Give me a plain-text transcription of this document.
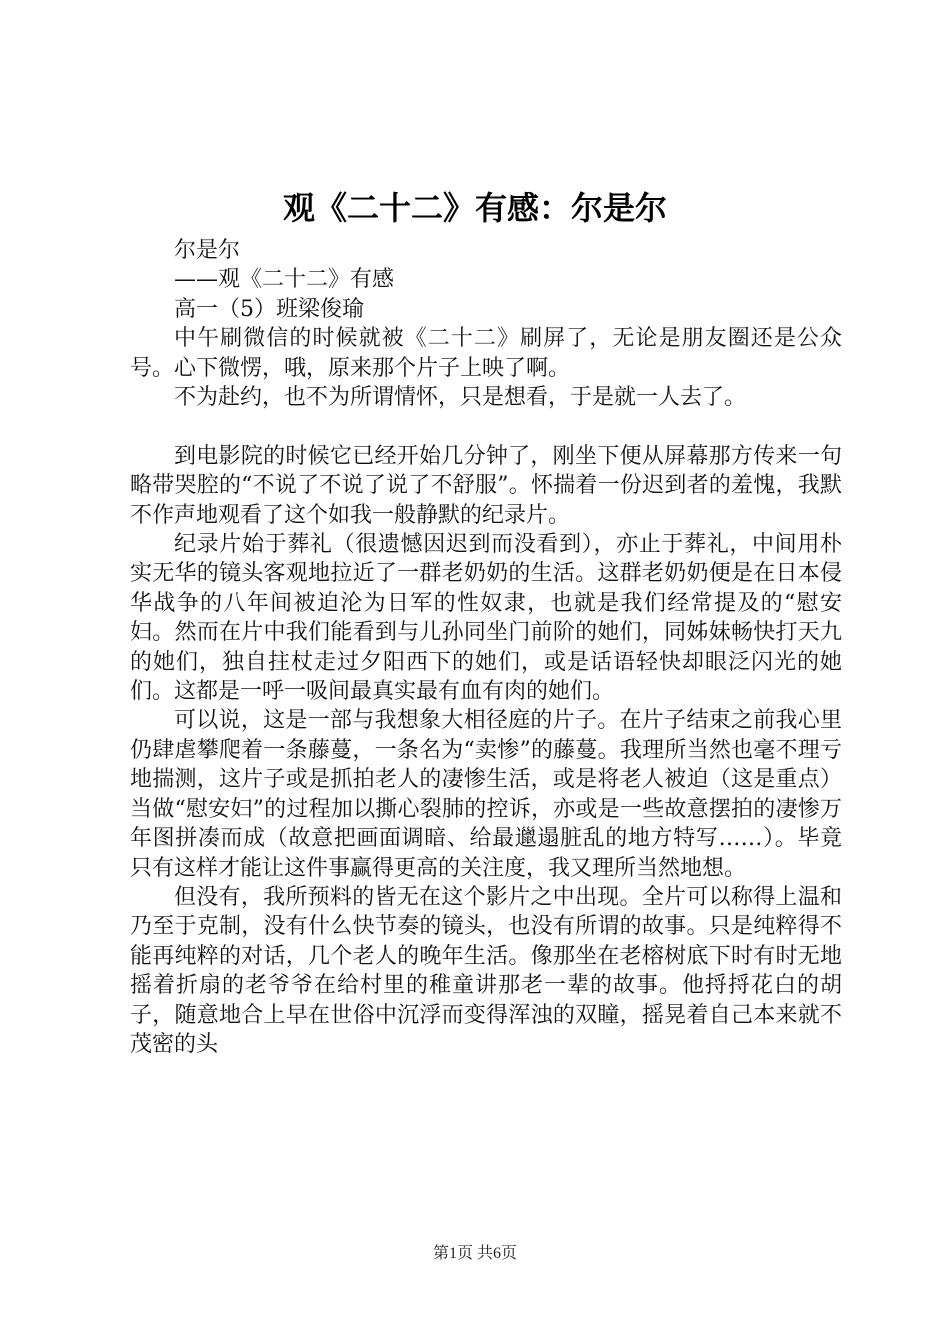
观《二十二》有感：尔是尔

尔是尔

——观《二十二》有感

高一（5）班梁俊瑜

中午刷微信的时候就被《二十二》刷屏了，无论是朋友圈还是公众号。心下微愣，哦，原来那个片子上映了啊。

不为赴约，也不为所谓情怀，只是想看，于是就一人去了。

到电影院的时候它已经开始几分钟了，刚坐下便从屏幕那方传来一句略带哭腔的“不说了不说了说了不舒服”。怀揣着一份迟到者的羞愧，我默不作声地观看了这个如我一般静默的纪录片。

纪录片始于葬礼（很遗憾因迟到而没看到），亦止于葬礼，中间用朴实无华的镜头客观地拉近了一群老奶奶的生活。这群老奶奶便是在日本侵华战争的八年间被迫沦为日军的性奴隶，也就是我们经常提及的“慰安妇。然而在片中我们能看到与儿孙同坐门前阶的她们，同姊妹畅快打天九的她们，独自拄杖走过夕阳西下的她们，或是话语轻快却眼泛闪光的她们。这都是一呼一吸间最真实最有血有肉的她们。

可以说，这是一部与我想象大相径庭的片子。在片子结束之前我心里仍肆虐攀爬着一条藤蔓，一条名为“卖惨”的藤蔓。我理所当然也毫不理亏地揣测，这片子或是抓拍老人的凄惨生活，或是将老人被迫（这是重点）当做“慰安妇”的过程加以撕心裂肺的控诉，亦或是一些故意摆拍的凄惨万年图拼凑而成（故意把画面调暗、给最邋遢脏乱的地方特写……）。毕竟只有这样才能让这件事赢得更高的关注度，我又理所当然地想。

但没有，我所预料的皆无在这个影片之中出现。全片可以称得上温和乃至于克制，没有什么快节奏的镜头，也没有所谓的故事。只是纯粹得不能再纯粹的对话，几个老人的晚年生活。像那坐在老榕树底下时有时无地摇着折扇的老爷爷在给村里的稚童讲那老一辈的故事。他捋捋花白的胡子，随意地合上早在世俗中沉浮而变得浑浊的双瞳，摇晃着自己本来就不茂密的头

第1页 共6页
